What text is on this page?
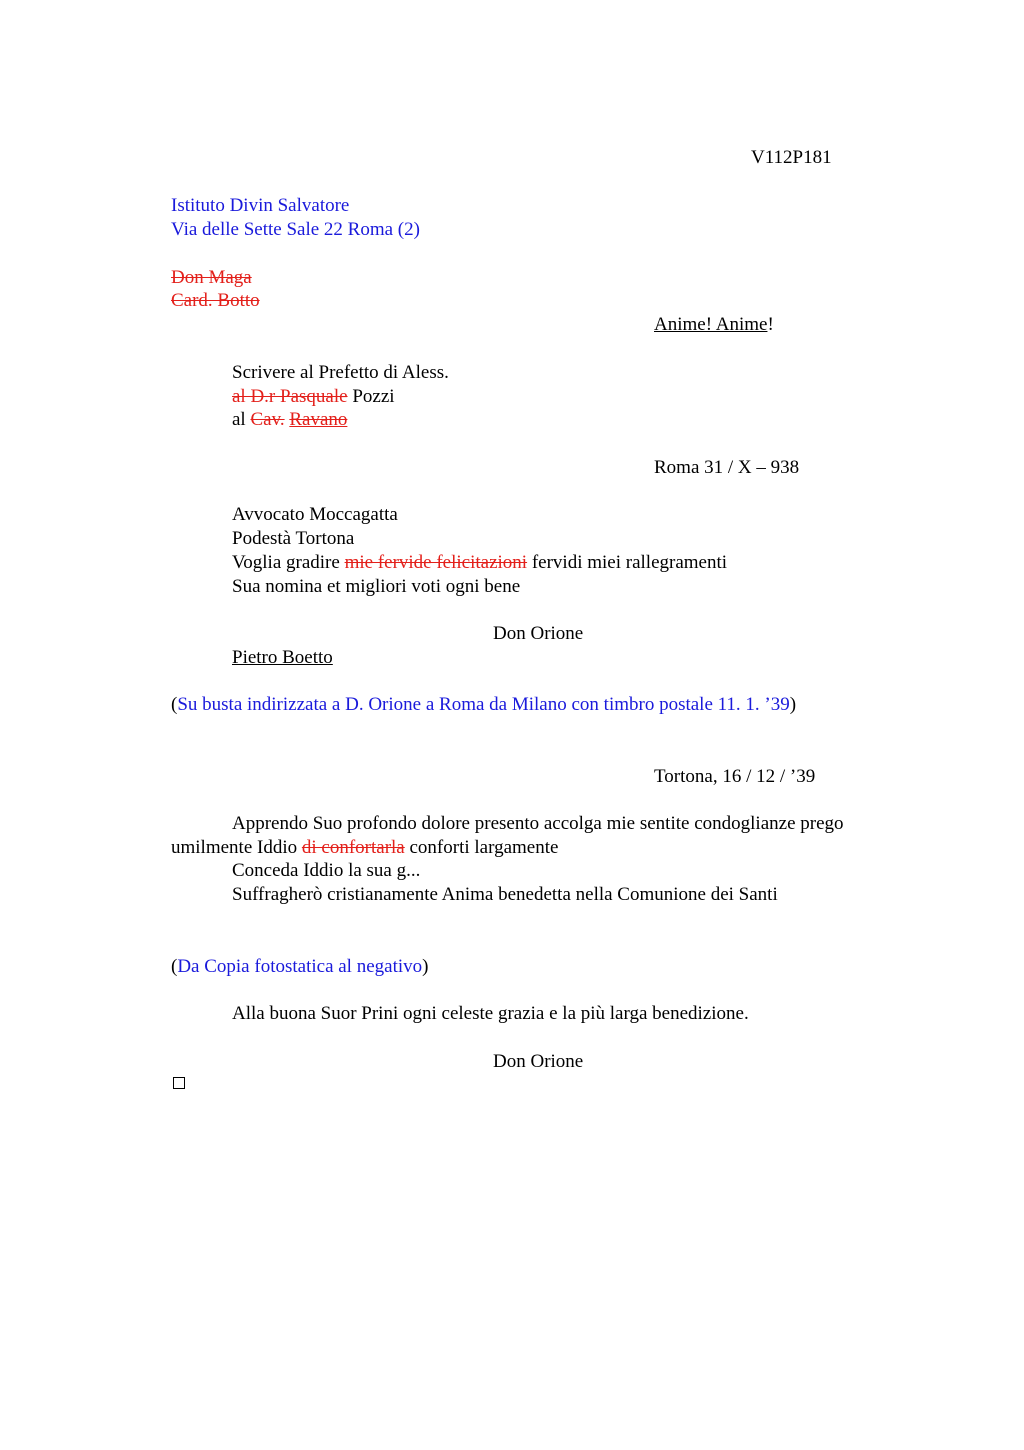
V112P181
Istituto Divin Salvatore
Via delle Sette Sale 22 Roma (2)
Don Maga
Card. Botto
Anime! Anime!
Scrivere al Prefetto di Aless.
al D.r Pasquale Pozzi
al Cav. Ravano
Roma 31 / X – 938
Avvocato Moccagatta
Podestà Tortona
Voglia gradire mie fervide felicitazioni fervidi miei rallegramenti
Sua nomina et migliori voti ogni bene
Don Orione
Pietro Boetto
(Su busta indirizzata a D. Orione a Roma da Milano con timbro postale 11. 1. ’39)
Tortona, 16 / 12 / ’39
Apprendo Suo profondo dolore presento accolga mie sentite condoglianze prego
umilmente Iddio di confortarla conforti largamente
Conceda Iddio la sua g...
Suffragherò cristianamente Anima benedetta nella Comunione dei Santi
(Da Copia fotostatica al negativo)
Alla buona Suor Prini ogni celeste grazia e la più larga benedizione.
Don Orione
